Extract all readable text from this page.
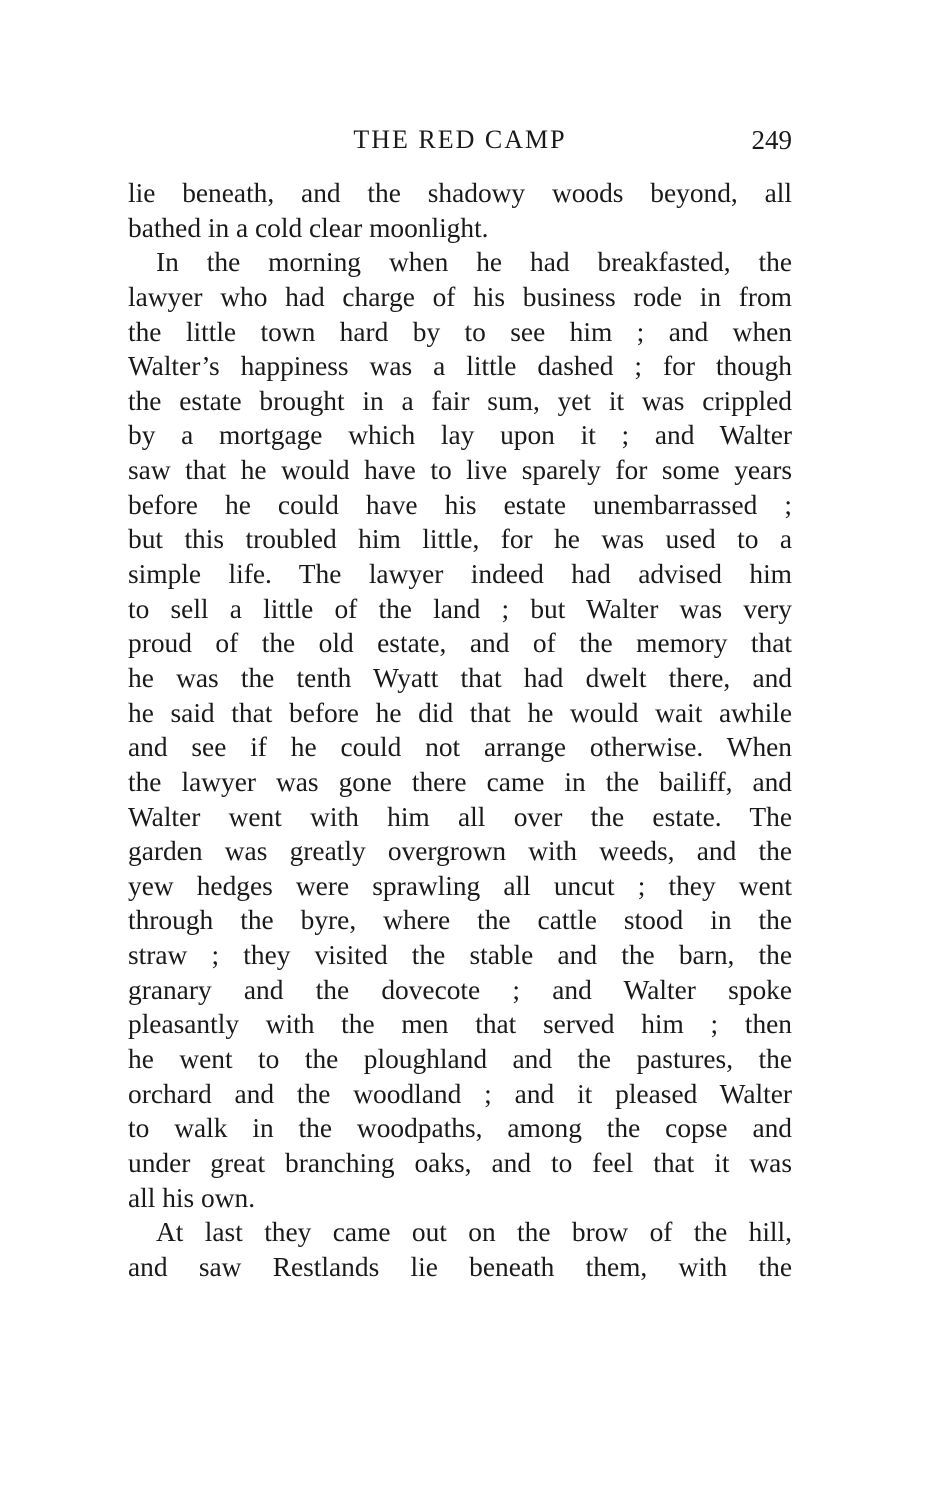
THE RED CAMP	249
lie beneath, and the shadowy woods beyond, all
bathed in a cold clear moonlight.
In the morning when he had breakfasted, the
lawyer who had charge of his business rode in from
the little town hard by to see him ; and when
Walter’s happiness was a little dashed ; for though
the estate brought in a fair sum, yet it was crippled
by a mortgage which lay upon it ; and Walter
saw that he would have to live sparely for some years
before he could have his estate unembarrassed ;
but this troubled him little, for he was used to a
simple life. The lawyer indeed had advised him
to sell a little of the land ; but Walter was very
proud of the old estate, and of the memory that
he was the tenth Wyatt that had dwelt there, and
he said that before he did that he would wait awhile
and see if he could not arrange otherwise. When
the lawyer was gone there came in the bailiff, and
Walter went with him all over the estate. The
garden was greatly overgrown with weeds, and the
yew hedges were sprawling all uncut ; they went
through the byre, where the cattle stood in the
straw ; they visited the stable and the barn, the
granary and the dovecote ; and Walter spoke
pleasantly with the men that served him ; then
he went to the ploughland and the pastures, the
orchard and the woodland ; and it pleased Walter
to walk in the woodpaths, among the copse and
under great branching oaks, and to feel that it was
all his own.
At last they came out on the brow of the hill,
and saw Restlands lie beneath them, with the
